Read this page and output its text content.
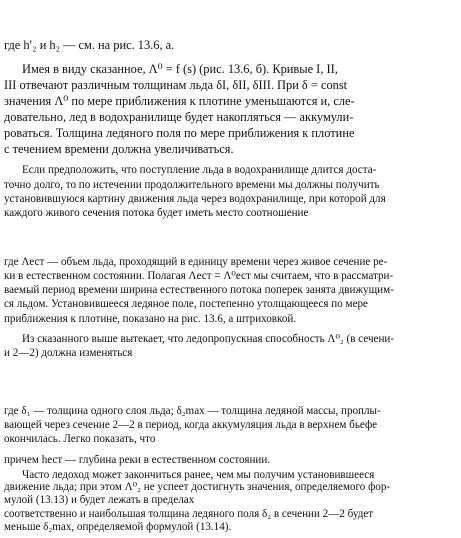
где h′₂ и h₂ — см. на рис. 13.6, а.
Имея в виду сказанное, Λ⁰ = f (s) (рис. 13.6, б). Кривые I, II,
III отвечают различным толщинам льда δI, δII, δIII. При δ = const
значения Λ⁰ по мере приближения к плотине уменьшаются и, сле-
довательно, лед в водохранилище будет накопляться — аккумули-
роваться. Толщина ледяного поля по мере приближения к плотине
с течением времени должна увеличиваться.
Если предположить, что поступление льда в водохранилище длится доста-
точно долго, то по истечении продолжительного времени мы должны получить
установившуюся картину движения льда через водохранилище, при которой для
каждого живого сечения потока будет иметь место соотношение
где Λест — объем льда, проходящий в единицу времени через живое сечение ре-
ки в естественном состоянии. Полагая Λест = Λ⁰ест мы считаем, что в рассматри-
ваемый период времени ширина естественного потока поперек занята движущим-
ся льдом. Установившееся ледяное поле, постепенно утолщающееся по мере
приближения к плотине, показано на рис. 13.6, а штриховкой.
Из сказанного выше вытекает, что ледопропускная способность Λ⁰₂ (в сечени-
и 2—2) должна изменяться
где δ₁ — толщина одного слоя льда; δ₂max — толщина ледяной массы, проплы-
вающей через сечение 2—2 в период, когда аккумуляция льда в верхнем бьефе
окончилась. Легко показать, что
причем hест — глубина реки в естественном состоянии.
Часто ледоход может закончиться ранее, чем мы получим установившееся
движение льда; при этом Λ⁰₂ не успеет достигнуть значения, определяемого фор-
мулой (13.13) и будет лежать в пределах
соответственно и наибольшая толщина ледяного поля δ₂ в сечении 2—2 будет
меньше δ₂max, определяемой формулой (13.14).
